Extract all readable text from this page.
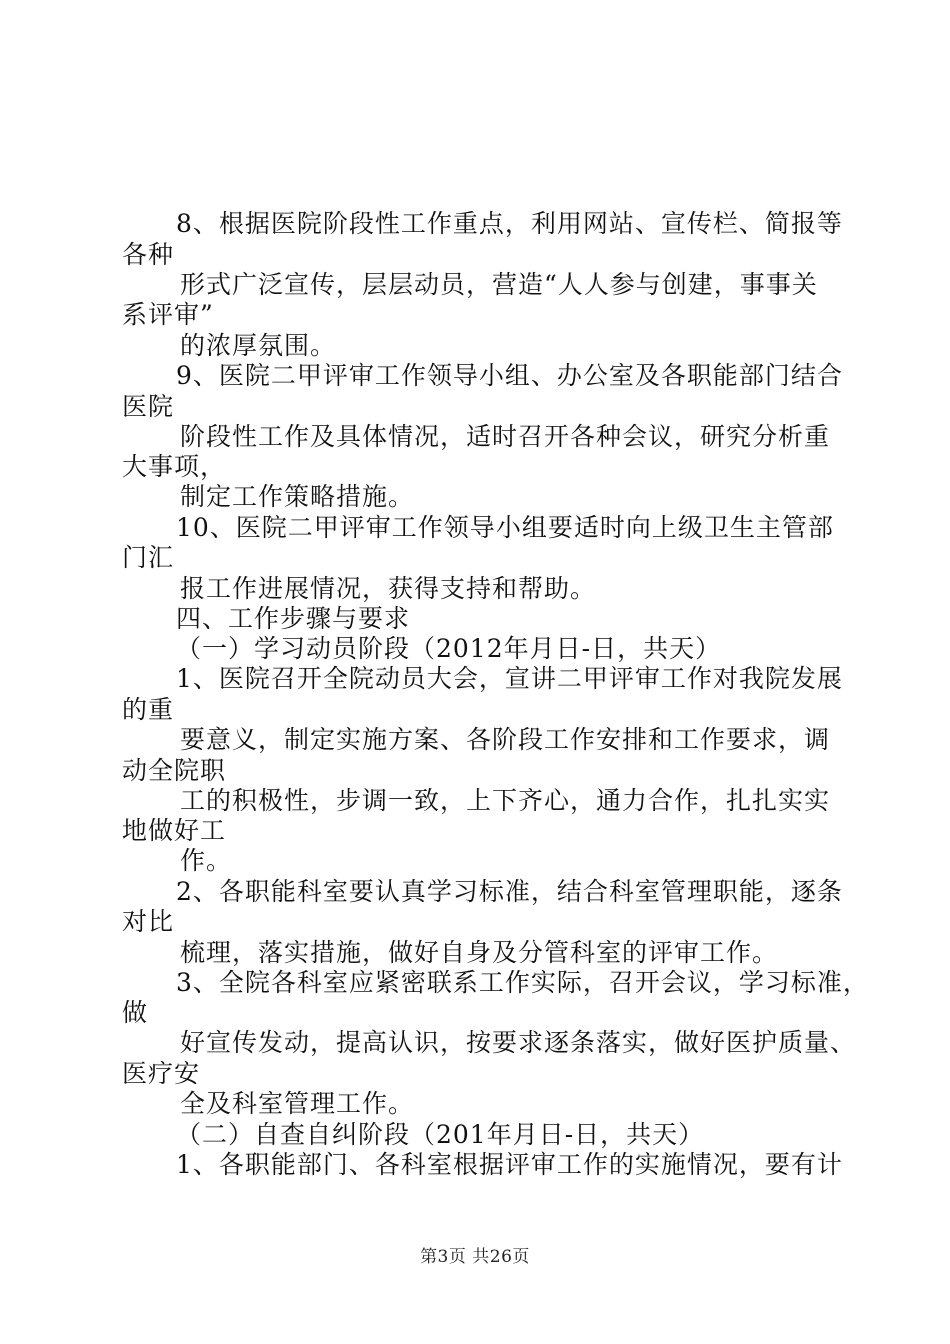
8、根据医院阶段性工作重点，利用网站、宣传栏、简报等
各种
形式广泛宣传，层层动员，营造“人人参与创建，事事关
系评审”
的浓厚氛围。
9、医院二甲评审工作领导小组、办公室及各职能部门结合
医院
阶段性工作及具体情况，适时召开各种会议，研究分析重
大事项，
制定工作策略措施。
10、医院二甲评审工作领导小组要适时向上级卫生主管部
门汇
报工作进展情况，获得支持和帮助。
四、工作步骤与要求
（一）学习动员阶段（2012年月日-日，共天）
1、医院召开全院动员大会，宣讲二甲评审工作对我院发展
的重
要意义，制定实施方案、各阶段工作安排和工作要求，调
动全院职
工的积极性，步调一致，上下齐心，通力合作，扎扎实实
地做好工
作。
2、各职能科室要认真学习标准，结合科室管理职能，逐条
对比
梳理，落实措施，做好自身及分管科室的评审工作。
3、全院各科室应紧密联系工作实际，召开会议，学习标准，
做
好宣传发动，提高认识，按要求逐条落实，做好医护质量、
医疗安
全及科室管理工作。
（二）自查自纠阶段（201年月日-日，共天）
1、各职能部门、各科室根据评审工作的实施情况，要有计
第3页 共26页
